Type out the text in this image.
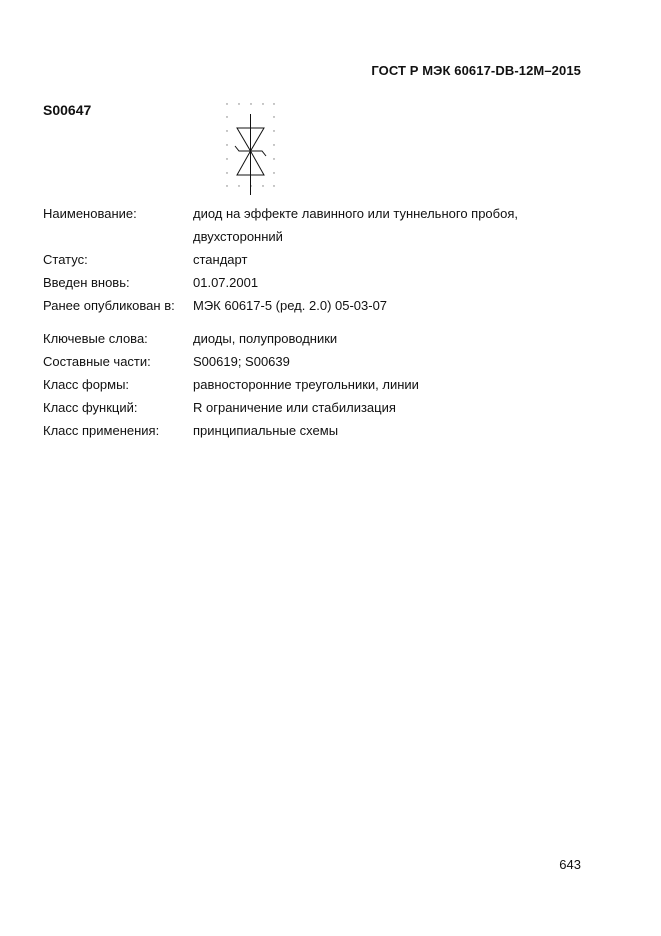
ГОСТ Р МЭК 60617-DB-12M–2015
S00647
Наименование:	диод на эффекте лавинного или туннельного пробоя, двухсторонний
Статус:	стандарт
Введен вновь:	01.07.2001
Ранее опубликован в:	МЭК 60617-5 (ред. 2.0) 05-03-07
Ключевые слова:	диоды, полупроводники
Составные части:	S00619; S00639
Класс формы:	равносторонние треугольники, линии
Класс функций:	R ограничение или стабилизация
Класс применения:	принципиальные схемы
643
